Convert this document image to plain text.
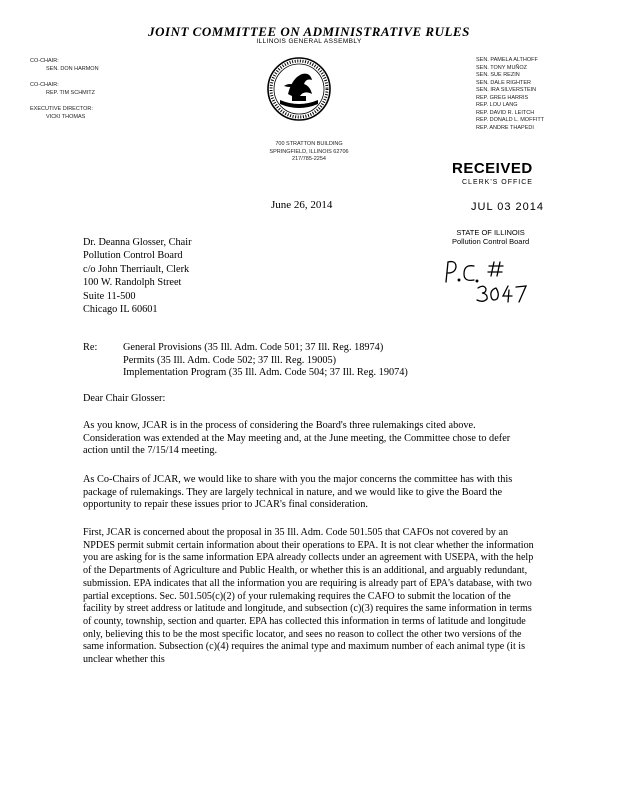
JOINT COMMITTEE ON ADMINISTRATIVE RULES
ILLINOIS GENERAL ASSEMBLY
CO-CHAIR:
SEN. DON HARMON
CO-CHAIR:
REP. TIM SCHMITZ
EXECUTIVE DIRECTOR:
VICKI THOMAS
SEN. PAMELA ALTHOFF
SEN. TONY MUÑOZ
SEN. SUE REZIN
SEN. DALE RIGHTER
SEN. IRA SILVERSTEIN
REP. GREG HARRIS
REP. LOU LANG
REP. DAVID R. LEITCH
REP. DONALD L. MOFFITT
REP. ANDRE THAPEDI
700 STRATTON BUILDING
SPRINGFIELD, ILLINOIS 62706
217/785-2254
RECEIVED
CLERK'S OFFICE
JUL 03 2014
STATE OF ILLINOIS
Pollution Control Board
June 26, 2014
Dr. Deanna Glosser, Chair
Pollution Control Board
c/o John Therriault, Clerk
100 W. Randolph Street
Suite 11-500
Chicago IL 60601
Re: General Provisions (35 Ill. Adm. Code 501; 37 Ill. Reg. 18974)
Permits (35 Ill. Adm. Code 502; 37 Ill. Reg. 19005)
Implementation Program (35 Ill. Adm. Code 504; 37 Ill. Reg. 19074)
Dear Chair Glosser:
As you know, JCAR is in the process of considering the Board's three rulemakings cited above. Consideration was extended at the May meeting and, at the June meeting, the Committee chose to defer action until the 7/15/14 meeting.
As Co-Chairs of JCAR, we would like to share with you the major concerns the committee has with this package of rulemakings. They are largely technical in nature, and we would like to give the Board the opportunity to repair these issues prior to JCAR's final consideration.
First, JCAR is concerned about the proposal in 35 Ill. Adm. Code 501.505 that CAFOs not covered by an NPDES permit submit certain information about their operations to EPA. It is not clear whether the information you are asking for is the same information EPA already collects under an agreement with USEPA, with the help of the Departments of Agriculture and Public Health, or whether this is an additional, and arguably redundant, submission. EPA indicates that all the information you are requiring is already part of EPA's database, with two partial exceptions. Sec. 501.505(c)(2) of your rulemaking requires the CAFO to submit the location of the facility by street address or latitude and longitude, and subsection (c)(3) requires the same information in terms of county, township, section and quarter. EPA has collected this information in terms of latitude and longitude only, believing this to be the most specific locator, and sees no reason to collect the other two versions of the same information. Subsection (c)(4) requires the animal type and maximum number of each animal type (it is unclear whether this
